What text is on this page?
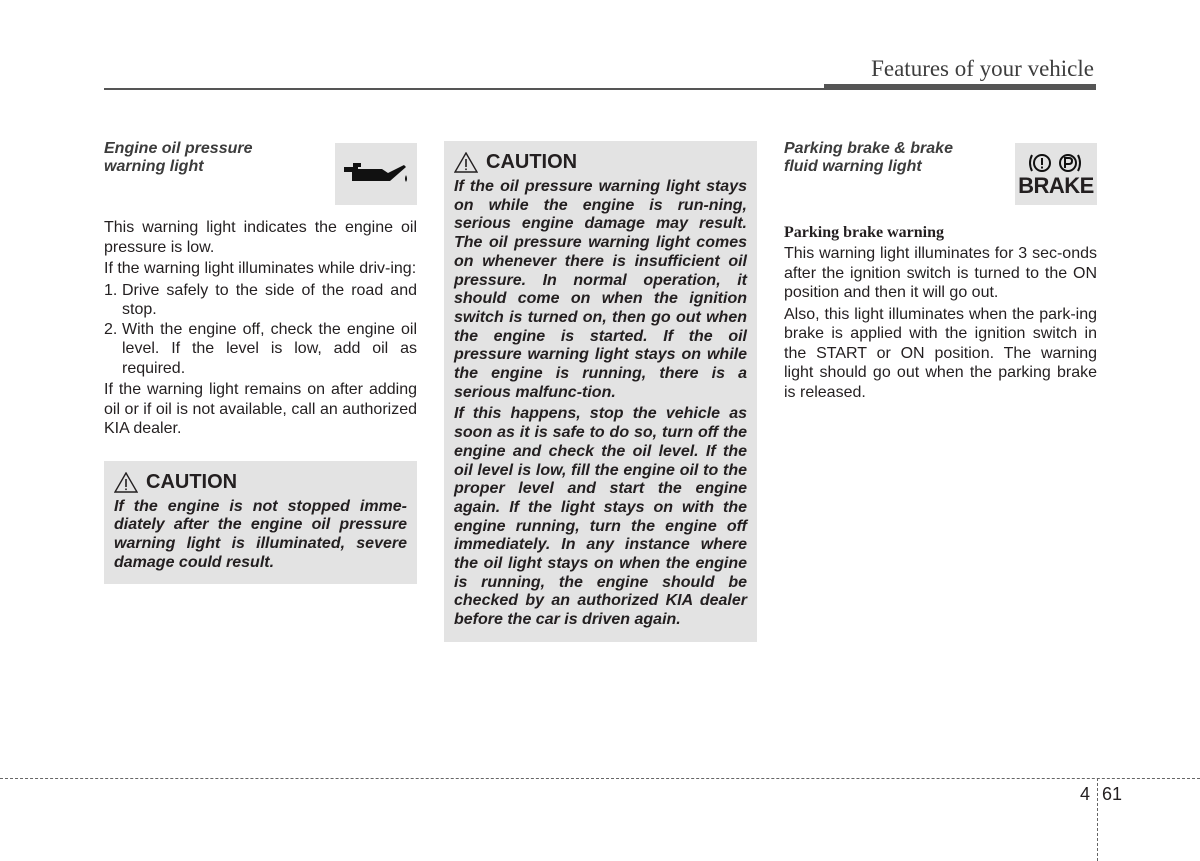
Features of your vehicle
Engine oil pressure
warning light

This warning light indicates the engine oil pressure is low.

If the warning light illuminates while driv-ing:

1. Drive safely to the side of the road and stop.
2. With the engine off, check the engine oil level. If the level is low, add oil as required.

If the warning light remains on after adding oil or if oil is not available, call an authorized KIA dealer.

CAUTION

If the engine is not stopped imme-diately after the engine oil pressure warning light is illuminated, severe damage could result.

CAUTION

If the oil pressure warning light stays on while the engine is run-ning, serious engine damage may result. The oil pressure warning light comes on whenever there is insufficient oil pressure. In normal operation, it should come on when the ignition switch is turned on, then go out when the engine is started. If the oil pressure warning light stays on while the engine is running, there is a serious malfunc-tion.

If this happens, stop the vehicle as soon as it is safe to do so, turn off the engine and check the oil level. If the oil level is low, fill the engine oil to the proper level and start the engine again. If the light stays on with the engine running, turn the engine off immediately. In any instance where the oil light stays on when the engine is running, the engine should be checked by an authorized KIA dealer before the car is driven again.

Parking brake & brake
fluid warning light
BRAKE

Parking brake warning

This warning light illuminates for 3 sec-onds after the ignition switch is turned to the ON position and then it will go out.

Also, this light illuminates when the park-ing brake is applied with the ignition switch in the START or ON position. The warning light should go out when the parking brake is released.

4 61
